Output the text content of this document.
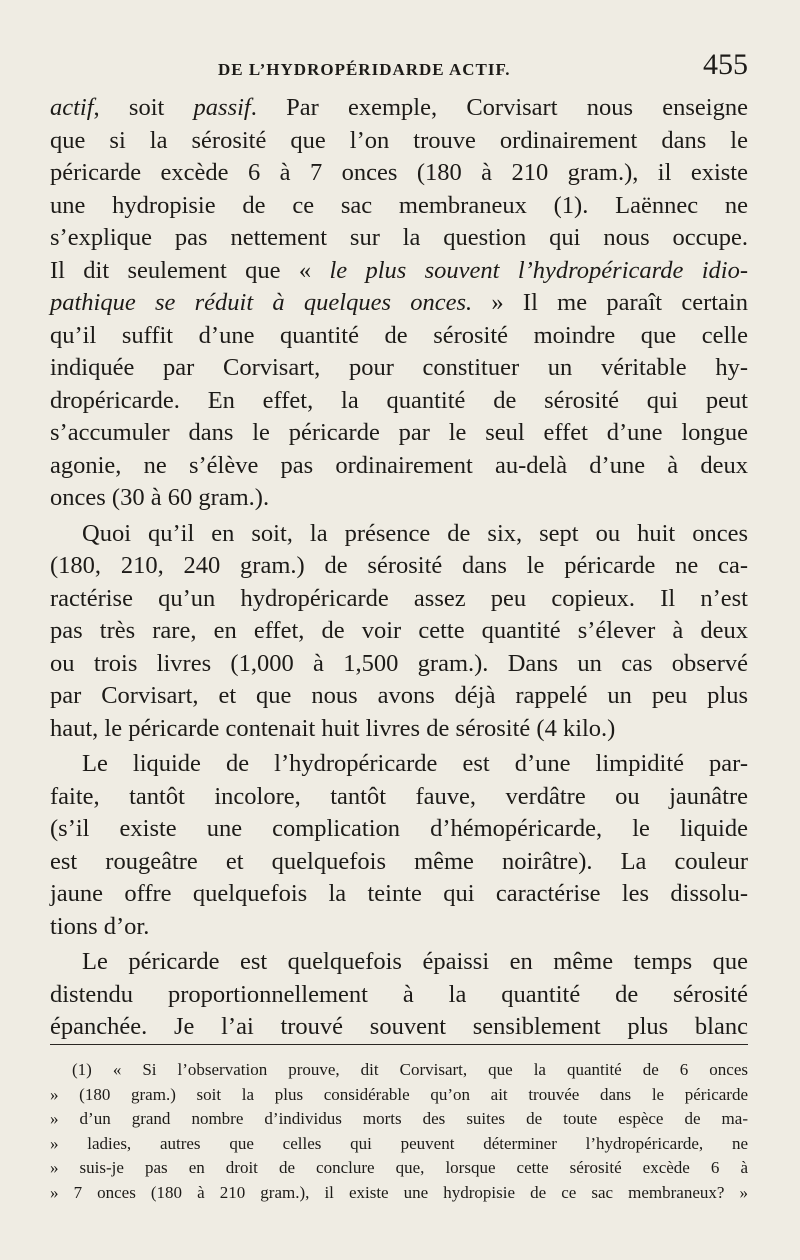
DE L’HYDROPÉRIDARDE ACTIF.	455

actif, soit passif. Par exemple, Corvisart nous enseigne
que si la sérosité que l’on trouve ordinairement dans le
péricarde excède 6 à 7 onces (180 à 210 gram.), il existe
une hydropisie de ce sac membraneux (1). Laënnec ne
s’explique pas nettement sur la question qui nous occupe.
Il dit seulement que « le plus souvent l’hydropéricarde idio-
pathique se réduit à quelques onces. » Il me paraît certain
qu’il suffit d’une quantité de sérosité moindre que celle
indiquée par Corvisart, pour constituer un véritable hy-
dropéricarde. En effet, la quantité de sérosité qui peut
s’accumuler dans le péricarde par le seul effet d’une longue
agonie, ne s’élève pas ordinairement au-delà d’une à deux
onces (30 à 60 gram.).

Quoi qu’il en soit, la présence de six, sept ou huit onces
(180, 210, 240 gram.) de sérosité dans le péricarde ne ca-
ractérise qu’un hydropéricarde assez peu copieux. Il n’est
pas très rare, en effet, de voir cette quantité s’élever à deux
ou trois livres (1,000 à 1,500 gram.). Dans un cas observé
par Corvisart, et que nous avons déjà rappelé un peu plus
haut, le péricarde contenait huit livres de sérosité (4 kilo.)

Le liquide de l’hydropéricarde est d’une limpidité par-
faite, tantôt incolore, tantôt fauve, verdâtre ou jaunâtre
(s’il existe une complication d’hémopéricarde, le liquide
est rougeâtre et quelquefois même noirâtre). La couleur
jaune offre quelquefois la teinte qui caractérise les dissolu-
tions d’or.

Le péricarde est quelquefois épaissi en même temps que
distendu proportionnellement à la quantité de sérosité
épanchée. Je l’ai trouvé souvent sensiblement plus blanc

(1) « Si l’observation prouve, dit Corvisart, que la quantité de 6 onces
» (180 gram.) soit la plus considérable qu’on ait trouvée dans le péricarde
» d’un grand nombre d’individus morts des suites de toute espèce de ma-
» ladies, autres que celles qui peuvent déterminer l’hydropéricarde, ne
» suis-je pas en droit de conclure que, lorsque cette sérosité excède 6 à
» 7 onces (180 à 210 gram.), il existe une hydropisie de ce sac membraneux? »
